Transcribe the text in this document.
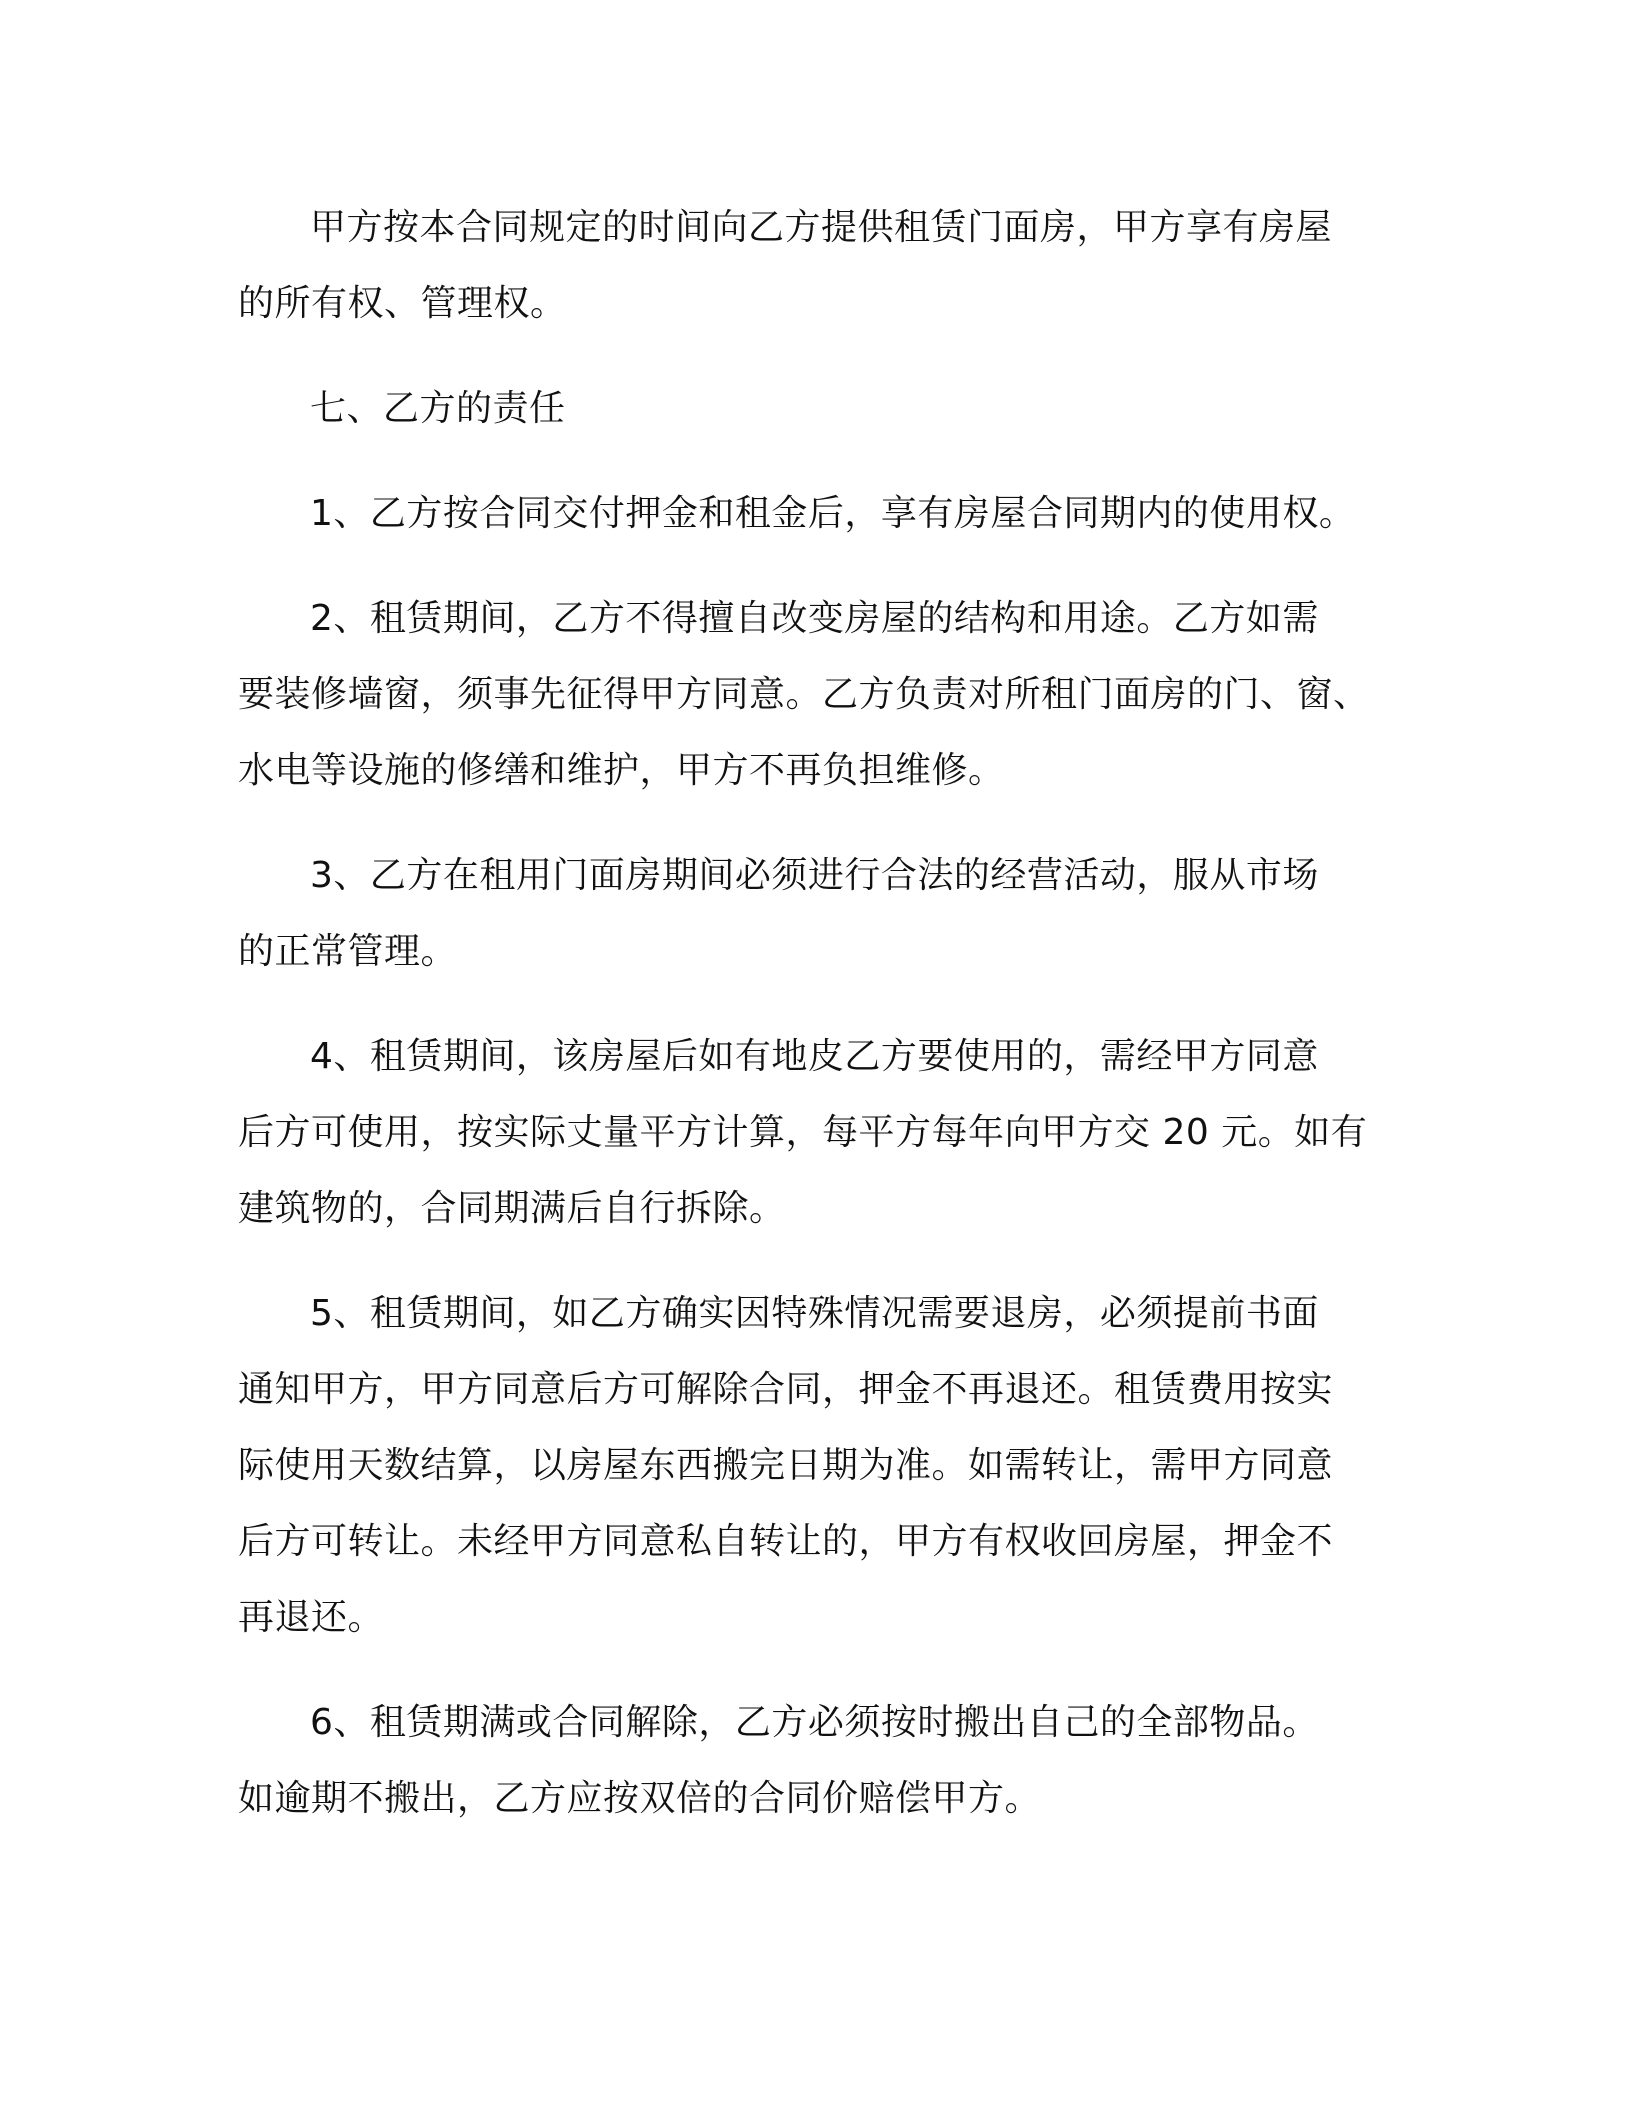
甲方按本合同规定的时间向乙方提供租赁门面房，甲方享有房屋
的所有权、管理权。

七、乙方的责任

1、乙方按合同交付押金和租金后，享有房屋合同期内的使用权。

2、租赁期间，乙方不得擅自改变房屋的结构和用途。乙方如需
要装修墙窗，须事先征得甲方同意。乙方负责对所租门面房的门、窗、
水电等设施的修缮和维护，甲方不再负担维修。

3、乙方在租用门面房期间必须进行合法的经营活动，服从市场
的正常管理。

4、租赁期间，该房屋后如有地皮乙方要使用的，需经甲方同意
后方可使用，按实际丈量平方计算，每平方每年向甲方交 20 元。如有
建筑物的，合同期满后自行拆除。

5、租赁期间，如乙方确实因特殊情况需要退房，必须提前书面
通知甲方，甲方同意后方可解除合同，押金不再退还。租赁费用按实
际使用天数结算，以房屋东西搬完日期为准。如需转让，需甲方同意
后方可转让。未经甲方同意私自转让的，甲方有权收回房屋，押金不
再退还。

6、租赁期满或合同解除，乙方必须按时搬出自己的全部物品。
如逾期不搬出，乙方应按双倍的合同价赔偿甲方。
